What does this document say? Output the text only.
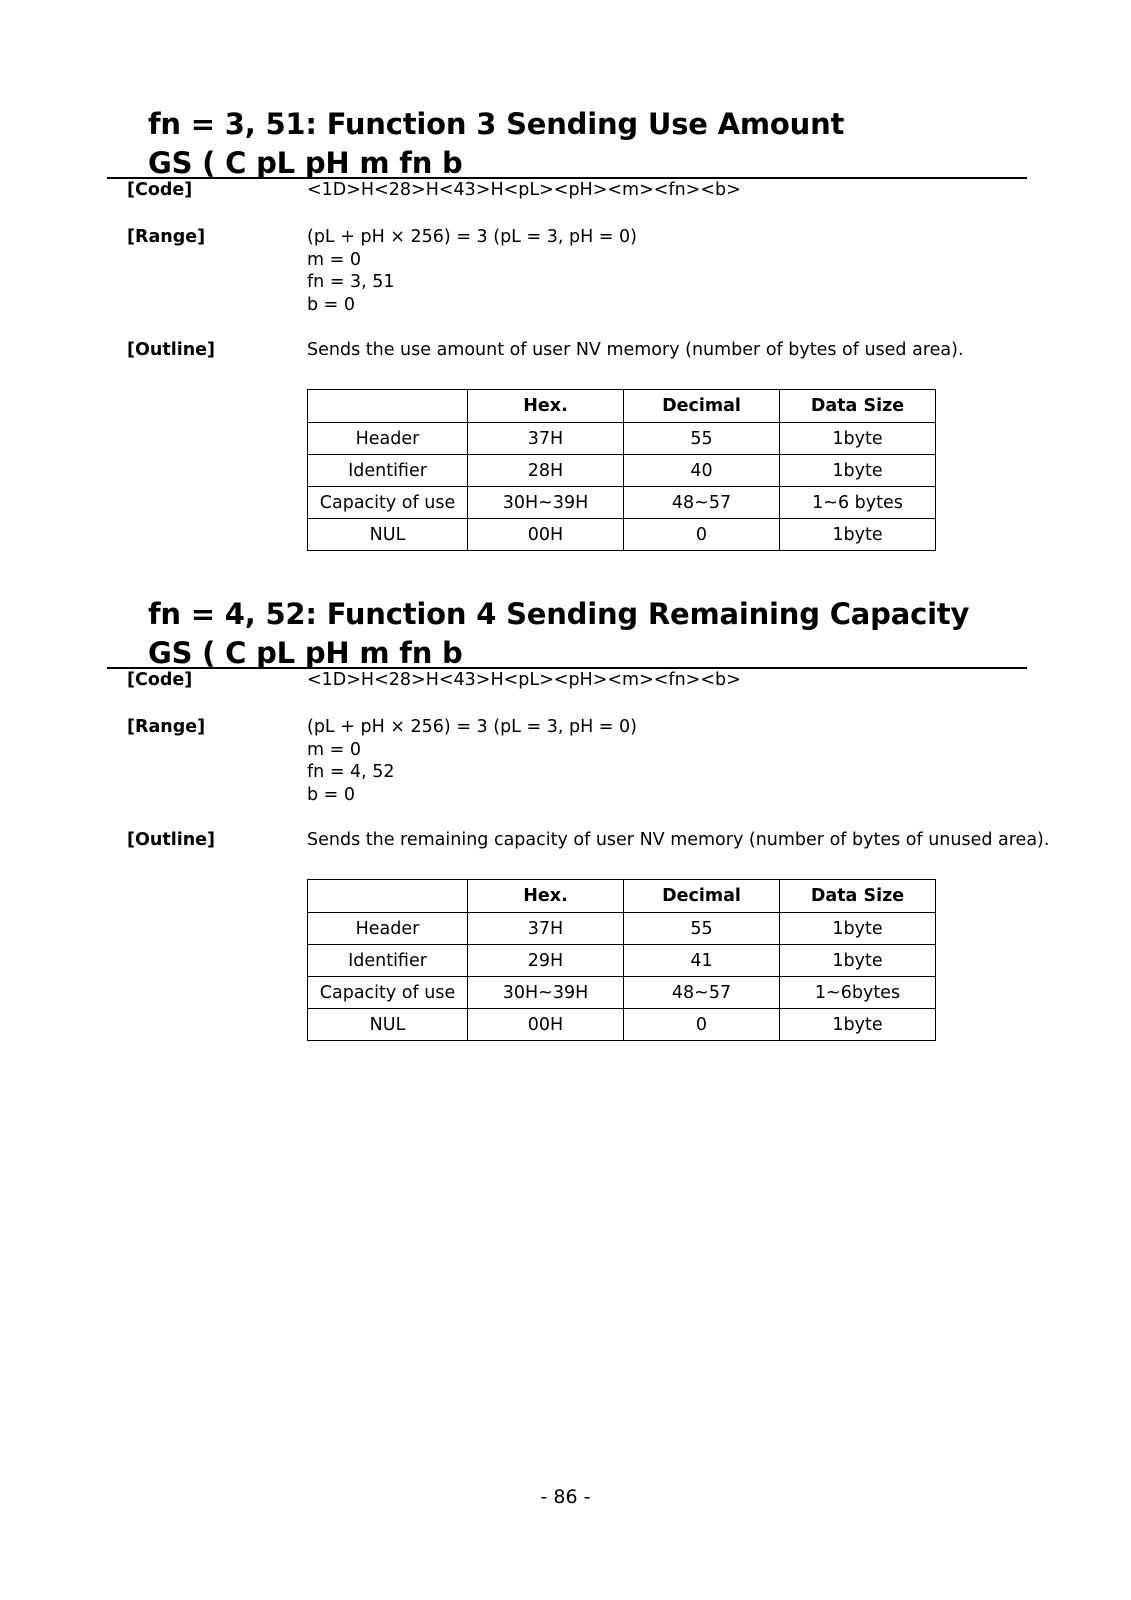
fn = 3, 51: Function 3 Sending Use Amount
GS ( C pL pH m fn b
[Code]	<1D>H<28>H<43>H<pL><pH><m><fn><b>
[Range]	(pL + pH × 256) = 3 (pL = 3, pH = 0)
m = 0
fn = 3, 51
b = 0
[Outline]	Sends the use amount of user NV memory (number of bytes of used area).
	Hex.	Decimal	Data Size
Header	37H	55	1byte
Identifier	28H	40	1byte
Capacity of use	30H~39H	48~57	1~6 bytes
NUL	00H	0	1byte
fn = 4, 52: Function 4 Sending Remaining Capacity
GS ( C pL pH m fn b
[Code]	<1D>H<28>H<43>H<pL><pH><m><fn><b>
[Range]	(pL + pH × 256) = 3 (pL = 3, pH = 0)
m = 0
fn = 4, 52
b = 0
[Outline]	Sends the remaining capacity of user NV memory (number of bytes of unused area).
	Hex.	Decimal	Data Size
Header	37H	55	1byte
Identifier	29H	41	1byte
Capacity of use	30H~39H	48~57	1~6bytes
NUL	00H	0	1byte
- 86 -
